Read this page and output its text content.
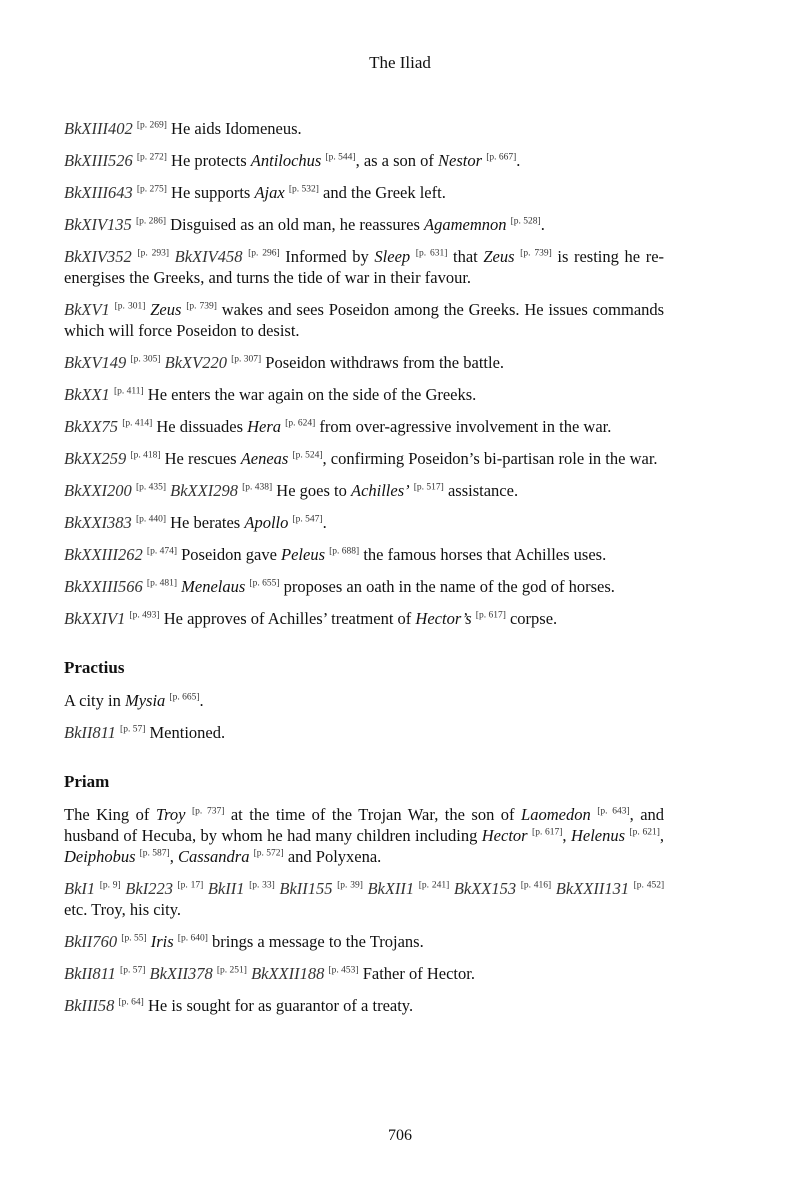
The Iliad

BkXIII402 [p. 269] He aids Idomeneus.

BkXIII526 [p. 272] He protects Antilochus [p. 544], as a son of Nestor [p. 667].

BkXIII643 [p. 275] He supports Ajax [p. 532] and the Greek left.

BkXIV135 [p. 286] Disguised as an old man, he reassures Agamemnon [p. 528].

BkXIV352 [p. 293] BkXIV458 [p. 296] Informed by Sleep [p. 631] that Zeus [p. 739] is resting he re-energises the Greeks, and turns the tide of war in their favour.

BkXV1 [p. 301] Zeus [p. 739] wakes and sees Poseidon among the Greeks. He issues commands which will force Poseidon to desist.

BkXV149 [p. 305] BkXV220 [p. 307] Poseidon withdraws from the battle.

BkXX1 [p. 411] He enters the war again on the side of the Greeks.

BkXX75 [p. 414] He dissuades Hera [p. 624] from over-agressive involvement in the war.

BkXX259 [p. 418] He rescues Aeneas [p. 524], confirming Poseidon’s bi-partisan role in the war.

BkXXI200 [p. 435] BkXXI298 [p. 438] He goes to Achilles’ [p. 517] assistance.

BkXXI383 [p. 440] He berates Apollo [p. 547].

BkXXIII262 [p. 474] Poseidon gave Peleus [p. 688] the famous horses that Achilles uses.

BkXXIII566 [p. 481] Menelaus [p. 655] proposes an oath in the name of the god of horses.

BkXXIV1 [p. 493] He approves of Achilles’ treatment of Hector’s [p. 617] corpse.

Practius

A city in Mysia [p. 665].

BkII811 [p. 57] Mentioned.

Priam

The King of Troy [p. 737] at the time of the Trojan War, the son of Laomedon [p. 643], and husband of Hecuba, by whom he had many children including Hector [p. 617], Helenus [p. 621], Deiphobus [p. 587], Cassandra [p. 572] and Polyxena.

BkI1 [p. 9] BkI223 [p. 17] BkII1 [p. 33] BkII155 [p. 39] BkXII1 [p. 241] BkXX153 [p. 416] BkXXII131 [p. 452] etc. Troy, his city.

BkII760 [p. 55] Iris [p. 640] brings a message to the Trojans.

BkII811 [p. 57] BkXII378 [p. 251] BkXXII188 [p. 453] Father of Hector.

BkIII58 [p. 64] He is sought for as guarantor of a treaty.

706
